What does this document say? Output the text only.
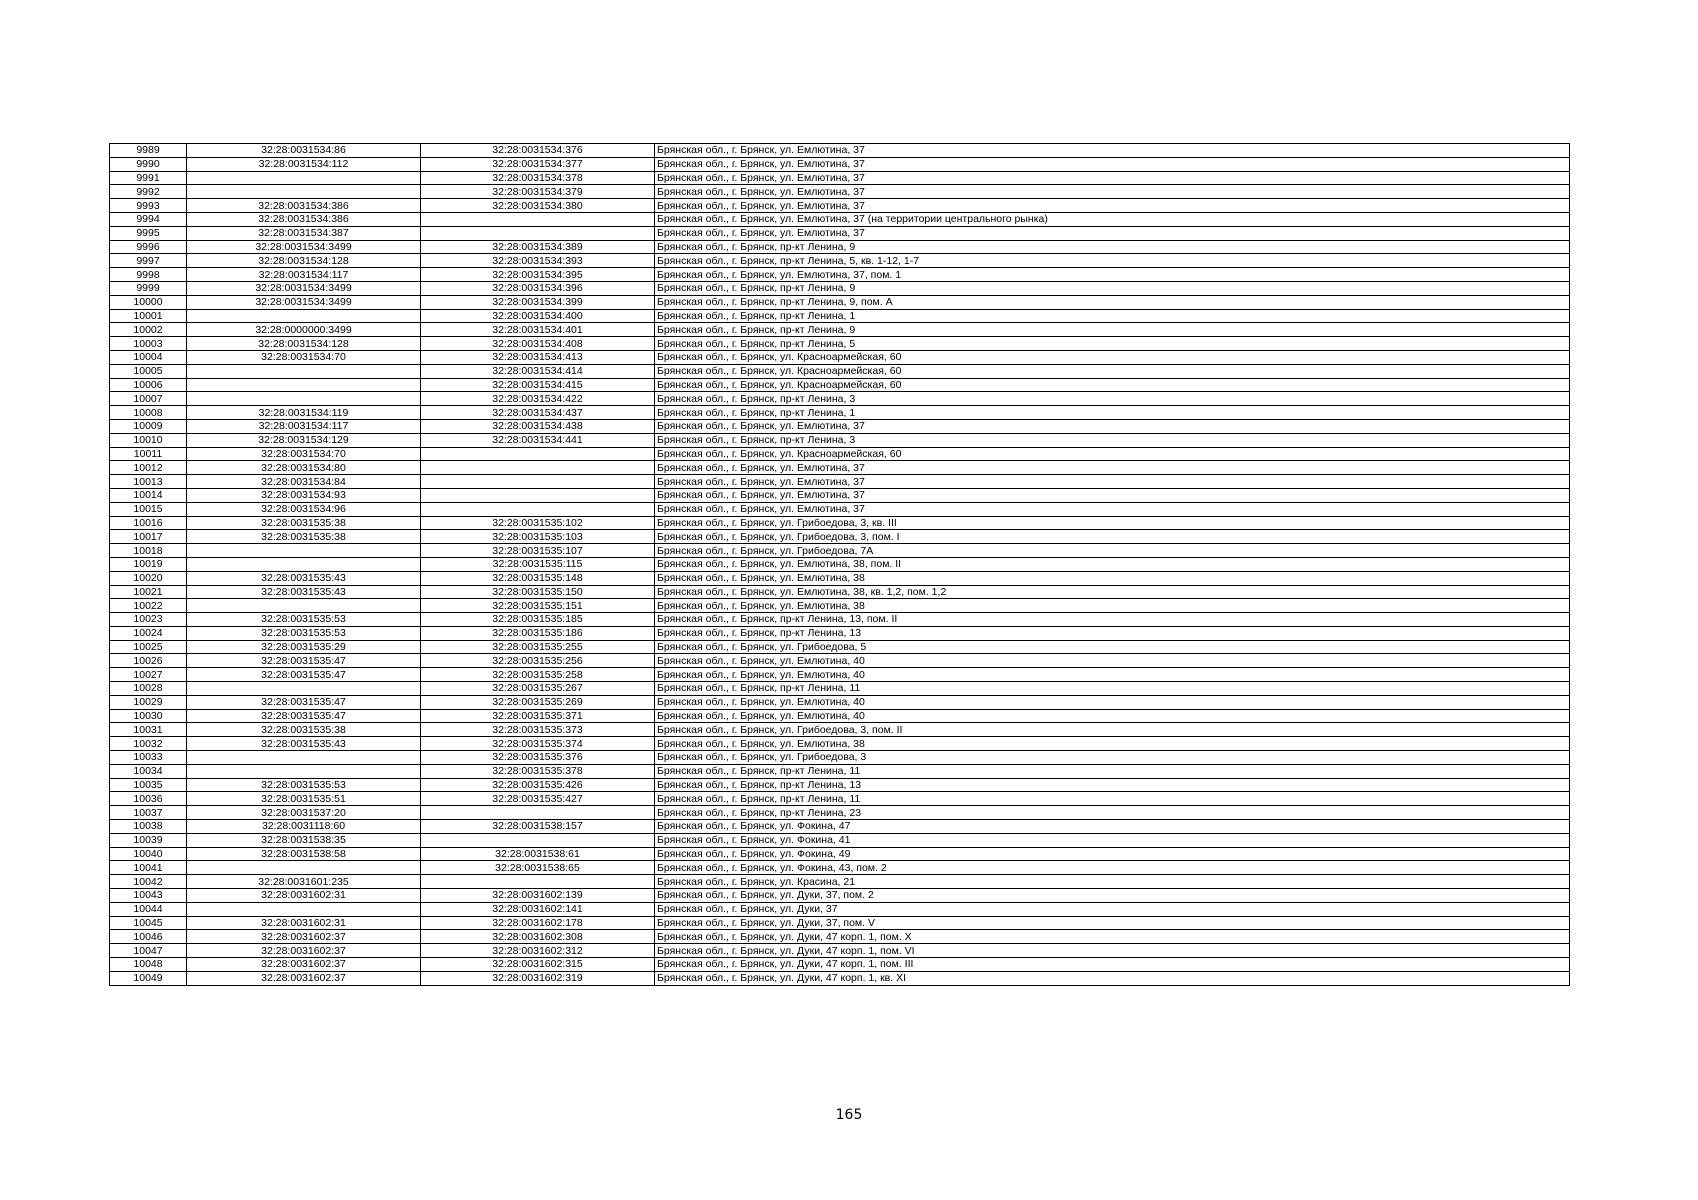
9989	32:28:0031534:86	32:28:0031534:376	Брянская обл., г. Брянск, ул. Емлютина, 37
9990	32:28:0031534:112	32:28:0031534:377	Брянская обл., г. Брянск, ул. Емлютина, 37
9991		32:28:0031534:378	Брянская обл., г. Брянск, ул. Емлютина, 37
9992		32:28:0031534:379	Брянская обл., г. Брянск, ул. Емлютина, 37
9993	32:28:0031534:386	32:28:0031534:380	Брянская обл., г. Брянск, ул. Емлютина, 37
9994	32:28:0031534:386		Брянская обл., г. Брянск, ул. Емлютина, 37 (на территории центрального рынка)
9995	32:28:0031534:387		Брянская обл., г. Брянск, ул. Емлютина, 37
9996	32:28:0031534:3499	32:28:0031534:389	Брянская обл., г. Брянск, пр-кт Ленина, 9
9997	32:28:0031534:128	32:28:0031534:393	Брянская обл., г. Брянск, пр-кт Ленина, 5, кв. 1-12, 1-7
9998	32:28:0031534:117	32:28:0031534:395	Брянская обл., г. Брянск, ул. Емлютина, 37, пом. 1
9999	32:28:0031534:3499	32:28:0031534:396	Брянская обл., г. Брянск, пр-кт Ленина, 9
10000	32:28:0031534:3499	32:28:0031534:399	Брянская обл., г. Брянск, пр-кт Ленина, 9, пом. А
10001		32:28:0031534:400	Брянская обл., г. Брянск, пр-кт Ленина, 1
10002	32:28:0000000:3499	32:28:0031534:401	Брянская обл., г. Брянск, пр-кт Ленина, 9
10003	32:28:0031534:128	32:28:0031534:408	Брянская обл., г. Брянск, пр-кт Ленина, 5
10004	32:28:0031534:70	32:28:0031534:413	Брянская обл., г. Брянск, ул. Красноармейская, 60
10005		32:28:0031534:414	Брянская обл., г. Брянск, ул. Красноармейская, 60
10006		32:28:0031534:415	Брянская обл., г. Брянск, ул. Красноармейская, 60
10007		32:28:0031534:422	Брянская обл., г. Брянск, пр-кт Ленина, 3
10008	32:28:0031534:119	32:28:0031534:437	Брянская обл., г. Брянск, пр-кт Ленина, 1
10009	32:28:0031534:117	32:28:0031534:438	Брянская обл., г. Брянск, ул. Емлютина, 37
10010	32:28:0031534:129	32:28:0031534:441	Брянская обл., г. Брянск, пр-кт Ленина, 3
10011	32:28:0031534:70		Брянская обл., г. Брянск, ул. Красноармейская, 60
10012	32:28:0031534:80		Брянская обл., г. Брянск, ул. Емлютина, 37
10013	32:28:0031534:84		Брянская обл., г. Брянск, ул. Емлютина, 37
10014	32:28:0031534:93		Брянская обл., г. Брянск, ул. Емлютина, 37
10015	32:28:0031534:96		Брянская обл., г. Брянск, ул. Емлютина, 37
10016	32:28:0031535:38	32:28:0031535:102	Брянская обл., г. Брянск, ул. Грибоедова, 3, кв. III
10017	32:28:0031535:38	32:28:0031535:103	Брянская обл., г. Брянск, ул. Грибоедова, 3, пом. I
10018		32:28:0031535:107	Брянская обл., г. Брянск, ул. Грибоедова, 7А
10019		32:28:0031535:115	Брянская обл., г. Брянск, ул. Емлютина, 38, пом. II
10020	32:28:0031535:43	32:28:0031535:148	Брянская обл., г. Брянск, ул. Емлютина, 38
10021	32:28:0031535:43	32:28:0031535:150	Брянская обл., г. Брянск, ул. Емлютина, 38, кв. 1,2, пом. 1,2
10022		32:28:0031535:151	Брянская обл., г. Брянск, ул. Емлютина, 38
10023	32:28:0031535:53	32:28:0031535:185	Брянская обл., г. Брянск, пр-кт Ленина, 13, пом. II
10024	32:28:0031535:53	32:28:0031535:186	Брянская обл., г. Брянск, пр-кт Ленина, 13
10025	32:28:0031535:29	32:28:0031535:255	Брянская обл., г. Брянск, ул. Грибоедова, 5
10026	32:28:0031535:47	32:28:0031535:256	Брянская обл., г. Брянск, ул. Емлютина, 40
10027	32:28:0031535:47	32:28:0031535:258	Брянская обл., г. Брянск, ул. Емлютина, 40
10028		32:28:0031535:267	Брянская обл., г. Брянск, пр-кт Ленина, 11
10029	32:28:0031535:47	32:28:0031535:269	Брянская обл., г. Брянск, ул. Емлютина, 40
10030	32:28:0031535:47	32:28:0031535:371	Брянская обл., г. Брянск, ул. Емлютина, 40
10031	32:28:0031535:38	32:28:0031535:373	Брянская обл., г. Брянск, ул. Грибоедова, 3, пом. II
10032	32:28:0031535:43	32:28:0031535:374	Брянская обл., г. Брянск, ул. Емлютина, 38
10033		32:28:0031535:376	Брянская обл., г. Брянск, ул. Грибоедова, 3
10034		32:28:0031535:378	Брянская обл., г. Брянск, пр-кт Ленина, 11
10035	32:28:0031535:53	32:28:0031535:426	Брянская обл., г. Брянск, пр-кт Ленина, 13
10036	32:28:0031535:51	32:28:0031535:427	Брянская обл., г. Брянск, пр-кт Ленина, 11
10037	32:28:0031537:20		Брянская обл., г. Брянск, пр-кт Ленина, 23
10038	32:28:0031118:60	32:28:0031538:157	Брянская обл., г. Брянск, ул. Фокина, 47
10039	32:28:0031538:35		Брянская обл., г. Брянск, ул. Фокина, 41
10040	32:28:0031538:58	32:28:0031538:61	Брянская обл., г. Брянск, ул. Фокина, 49
10041		32:28:0031538:65	Брянская обл., г. Брянск, ул. Фокина, 43, пом. 2
10042	32:28:0031601:235		Брянская обл., г. Брянск, ул. Красина, 21
10043	32:28:0031602:31	32:28:0031602:139	Брянская обл., г. Брянск, ул. Дуки, 37, пом. 2
10044		32:28:0031602:141	Брянская обл., г. Брянск, ул. Дуки, 37
10045	32:28:0031602:31	32:28:0031602:178	Брянская обл., г. Брянск, ул. Дуки, 37, пом. V
10046	32:28:0031602:37	32:28:0031602:308	Брянская обл., г. Брянск, ул. Дуки, 47 корп. 1, пом. X
10047	32:28:0031602:37	32:28:0031602:312	Брянская обл., г. Брянск, ул. Дуки, 47 корп. 1, пом. VI
10048	32:28:0031602:37	32:28:0031602:315	Брянская обл., г. Брянск, ул. Дуки, 47 корп. 1, пом. III
10049	32:28:0031602:37	32:28:0031602:319	Брянская обл., г. Брянск, ул. Дуки, 47 корп. 1, кв. XI
165
